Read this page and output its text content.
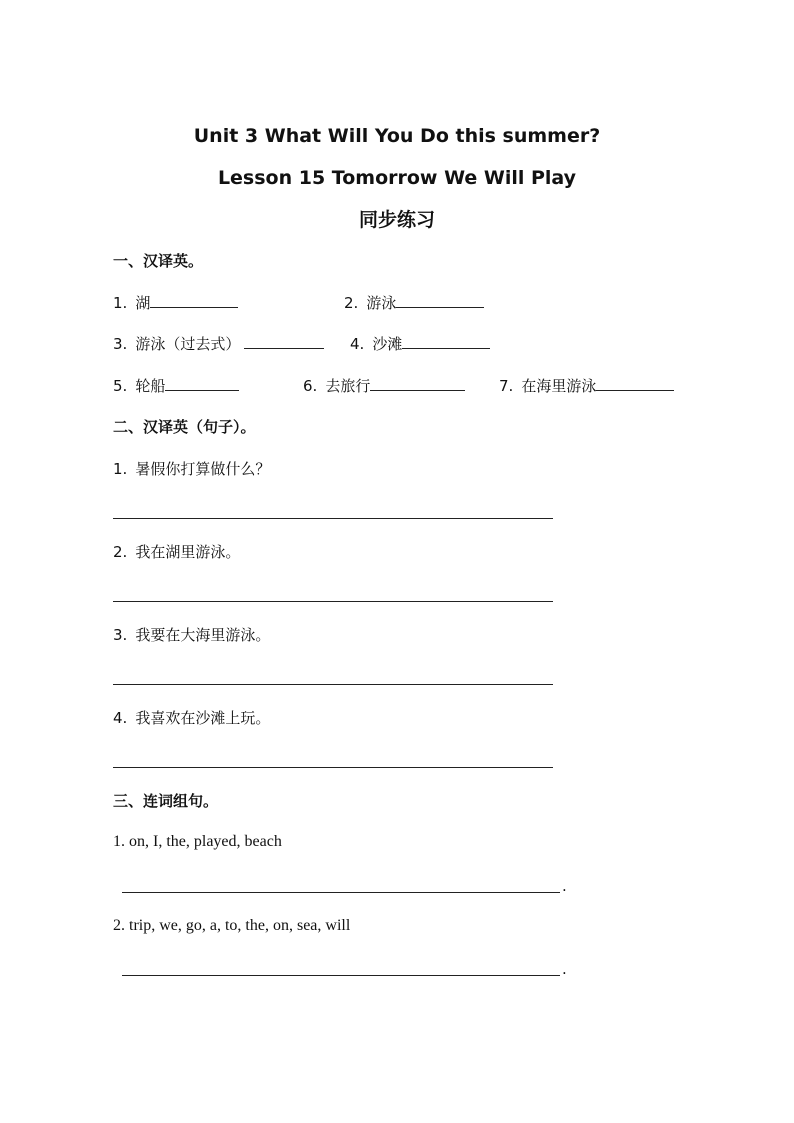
Unit 3 What Will You Do this summer?
Lesson 15 Tomorrow We Will Play
同步练习
一、汉译英。
1. 湖	2. 游泳
3. 游泳（过去式）	4. 沙滩
5. 轮船	6. 去旅行	7. 在海里游泳
二、汉译英（句子）。
1. 暑假你打算做什么？
2. 我在湖里游泳。
3. 我要在大海里游泳。
4. 我喜欢在沙滩上玩。
三、连词组句。
1. on, I, the, played, beach
.
2. trip, we, go, a, to, the, on, sea, will
.
